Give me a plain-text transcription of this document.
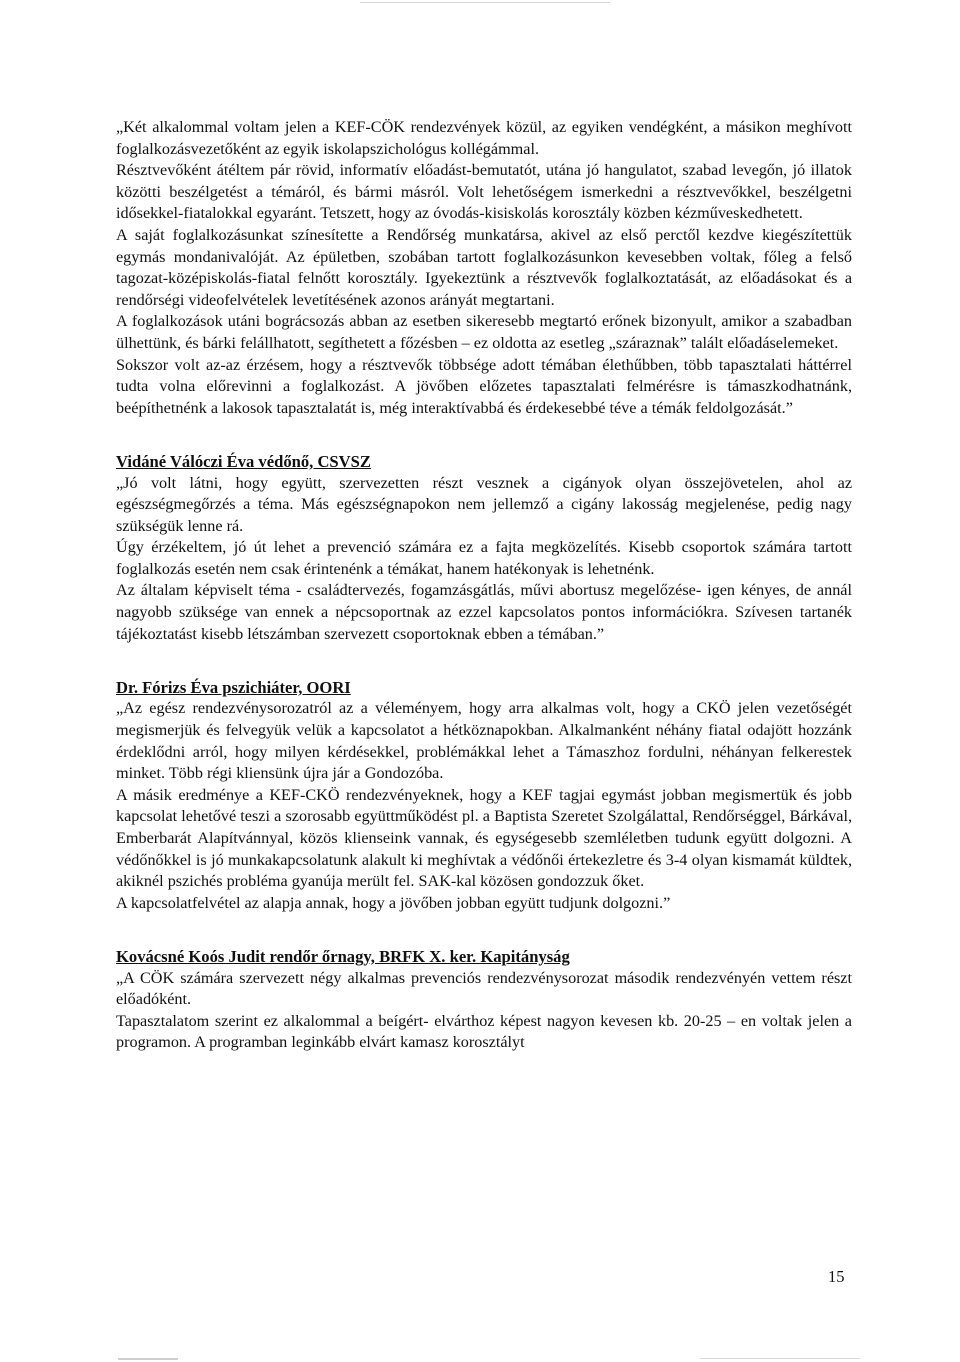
„Két alkalommal voltam jelen a KEF-CÖK rendezvények közül, az egyiken vendégként, a másikon meghívott foglalkozásvezetőként az egyik iskolapszichológus kollégámmal.

Résztvevőként átéltem pár rövid, informatív előadást-bemutatót, utána jó hangulatot, szabad levegőn, jó illatok közötti beszélgetést a témáról, és bármi másról. Volt lehetőségem ismerkedni a résztvevőkkel, beszélgetni idősekkel-fiatalokkal egyaránt. Tetszett, hogy az óvodás-kisiskolás korosztály közben kézműveskedhetett.

A saját foglalkozásunkat színesítette a Rendőrség munkatársa, akivel az első perctől kezdve kiegészítettük egymás mondanivalóját. Az épületben, szobában tartott foglalkozásunkon kevesebben voltak, főleg a felső tagozat-középiskolás-fiatal felnőtt korosztály. Igyekeztünk a résztvevők foglalkoztatását, az előadásokat és a rendőrségi videofelvételek levetítésének azonos arányát megtartani.

A foglalkozások utáni bográcsozás abban az esetben sikeresebb megtartó erőnek bizonyult, amikor a szabadban ülhettünk, és bárki felállhatott, segíthetett a főzésben – ez oldotta az esetleg „száraznak” talált előadáselemeket.

Sokszor volt az-az érzésem, hogy a résztvevők többsége adott témában élethűbben, több tapasztalati háttérrel tudta volna előrevinni a foglalkozást. A jövőben előzetes tapasztalati felmérésre is támaszkodhatnánk, beépíthetnénk a lakosok tapasztalatát is, még interaktívabbá és érdekesebbé téve a témák feldolgozását.”

Vidáné Válóczi Éva védőnő, CSVSZ

„Jó volt látni, hogy együtt, szervezetten részt vesznek a cigányok olyan összejövetelen, ahol az egészségmegőrzés a téma. Más egészségnapokon nem jellemző a cigány lakosság megjelenése, pedig nagy szükségük lenne rá.

Úgy érzékeltem, jó út lehet a prevenció számára ez a fajta megközelítés. Kisebb csoportok számára tartott foglalkozás esetén nem csak érintenénk a témákat, hanem hatékonyak is lehetnénk.

Az általam képviselt téma - családtervezés, fogamzásgátlás, művi abortusz megelőzése- igen kényes, de annál nagyobb szüksége van ennek a népcsoportnak az ezzel kapcsolatos pontos információkra. Szívesen tartanék tájékoztatást kisebb létszámban szervezett csoportoknak ebben a témában.”

Dr. Fórizs Éva pszichiáter, OORI

„Az egész rendezvénysorozatról az a véleményem, hogy arra alkalmas volt, hogy a CKÖ jelen vezetőségét megismerjük és felvegyük velük a kapcsolatot a hétköznapokban. Alkalmanként néhány fiatal odajött hozzánk érdeklődni arról, hogy milyen kérdésekkel, problémákkal lehet a Támaszhoz fordulni, néhányan felkerestek minket. Több régi kliensünk újra jár a Gondozóba.

A másik eredménye a KEF-CKÖ rendezvényeknek, hogy a KEF tagjai egymást jobban megismertük és jobb kapcsolat lehetővé teszi a szorosabb együttműködést pl. a Baptista Szeretet Szolgálattal, Rendőrséggel, Bárkával, Emberbarát Alapítvánnyal, közös klienseink vannak, és egységesebb szemléletben tudunk együtt dolgozni. A védőnőkkel is jó munkakapcsolatunk alakult ki meghívtak a védőnői értekezletre és 3-4 olyan kismamát küldtek, akiknél pszichés probléma gyanúja merült fel. SAK-kal közösen gondozzuk őket.

A kapcsolatfelvétel az alapja annak, hogy a jövőben jobban együtt tudjunk dolgozni.”

Kovácsné Koós Judit rendőr őrnagy, BRFK X. ker. Kapitányság

„A CÖK számára szervezett négy alkalmas prevenciós rendezvénysorozat második rendezvényén vettem részt előadóként.

Tapasztalatom szerint ez alkalommal a beígért- elvárthoz képest nagyon kevesen kb. 20-25 – en voltak jelen a programon. A programban leginkább elvárt kamasz korosztályt

15
